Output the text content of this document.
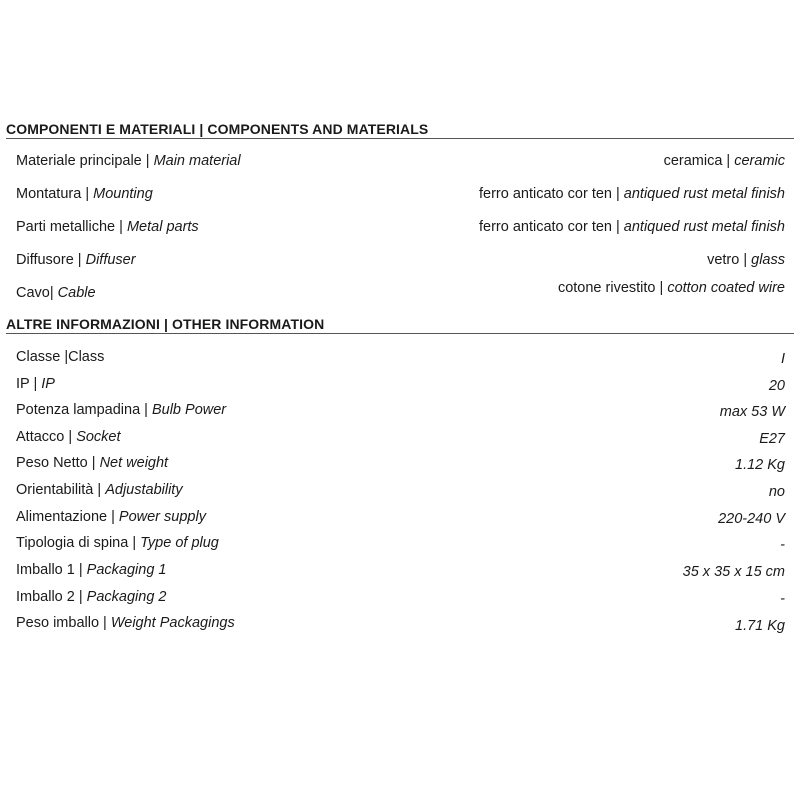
COMPONENTI E MATERIALI | COMPONENTS AND MATERIALS
Materiale principale | Main material	ceramica | ceramic
Montatura | Mounting	ferro anticato cor ten | antiqued rust metal finish
Parti metalliche | Metal parts	ferro anticato cor ten | antiqued rust metal finish
Diffusore | Diffuser	vetro | glass
Cavo| Cable	cotone rivestito | cotton coated wire
ALTRE INFORMAZIONI | OTHER INFORMATION
Classe |Class	I
IP | IP	20
Potenza lampadina | Bulb Power	max 53 W
Attacco | Socket	E27
Peso Netto | Net weight	1.12 Kg
Orientabilità | Adjustability	no
Alimentazione | Power supply	220-240 V
Tipologia di spina | Type of plug	-
Imballo 1 | Packaging 1	35 x 35 x 15 cm
Imballo 2 | Packaging 2	-
Peso imballo | Weight Packagings	1.71 Kg
